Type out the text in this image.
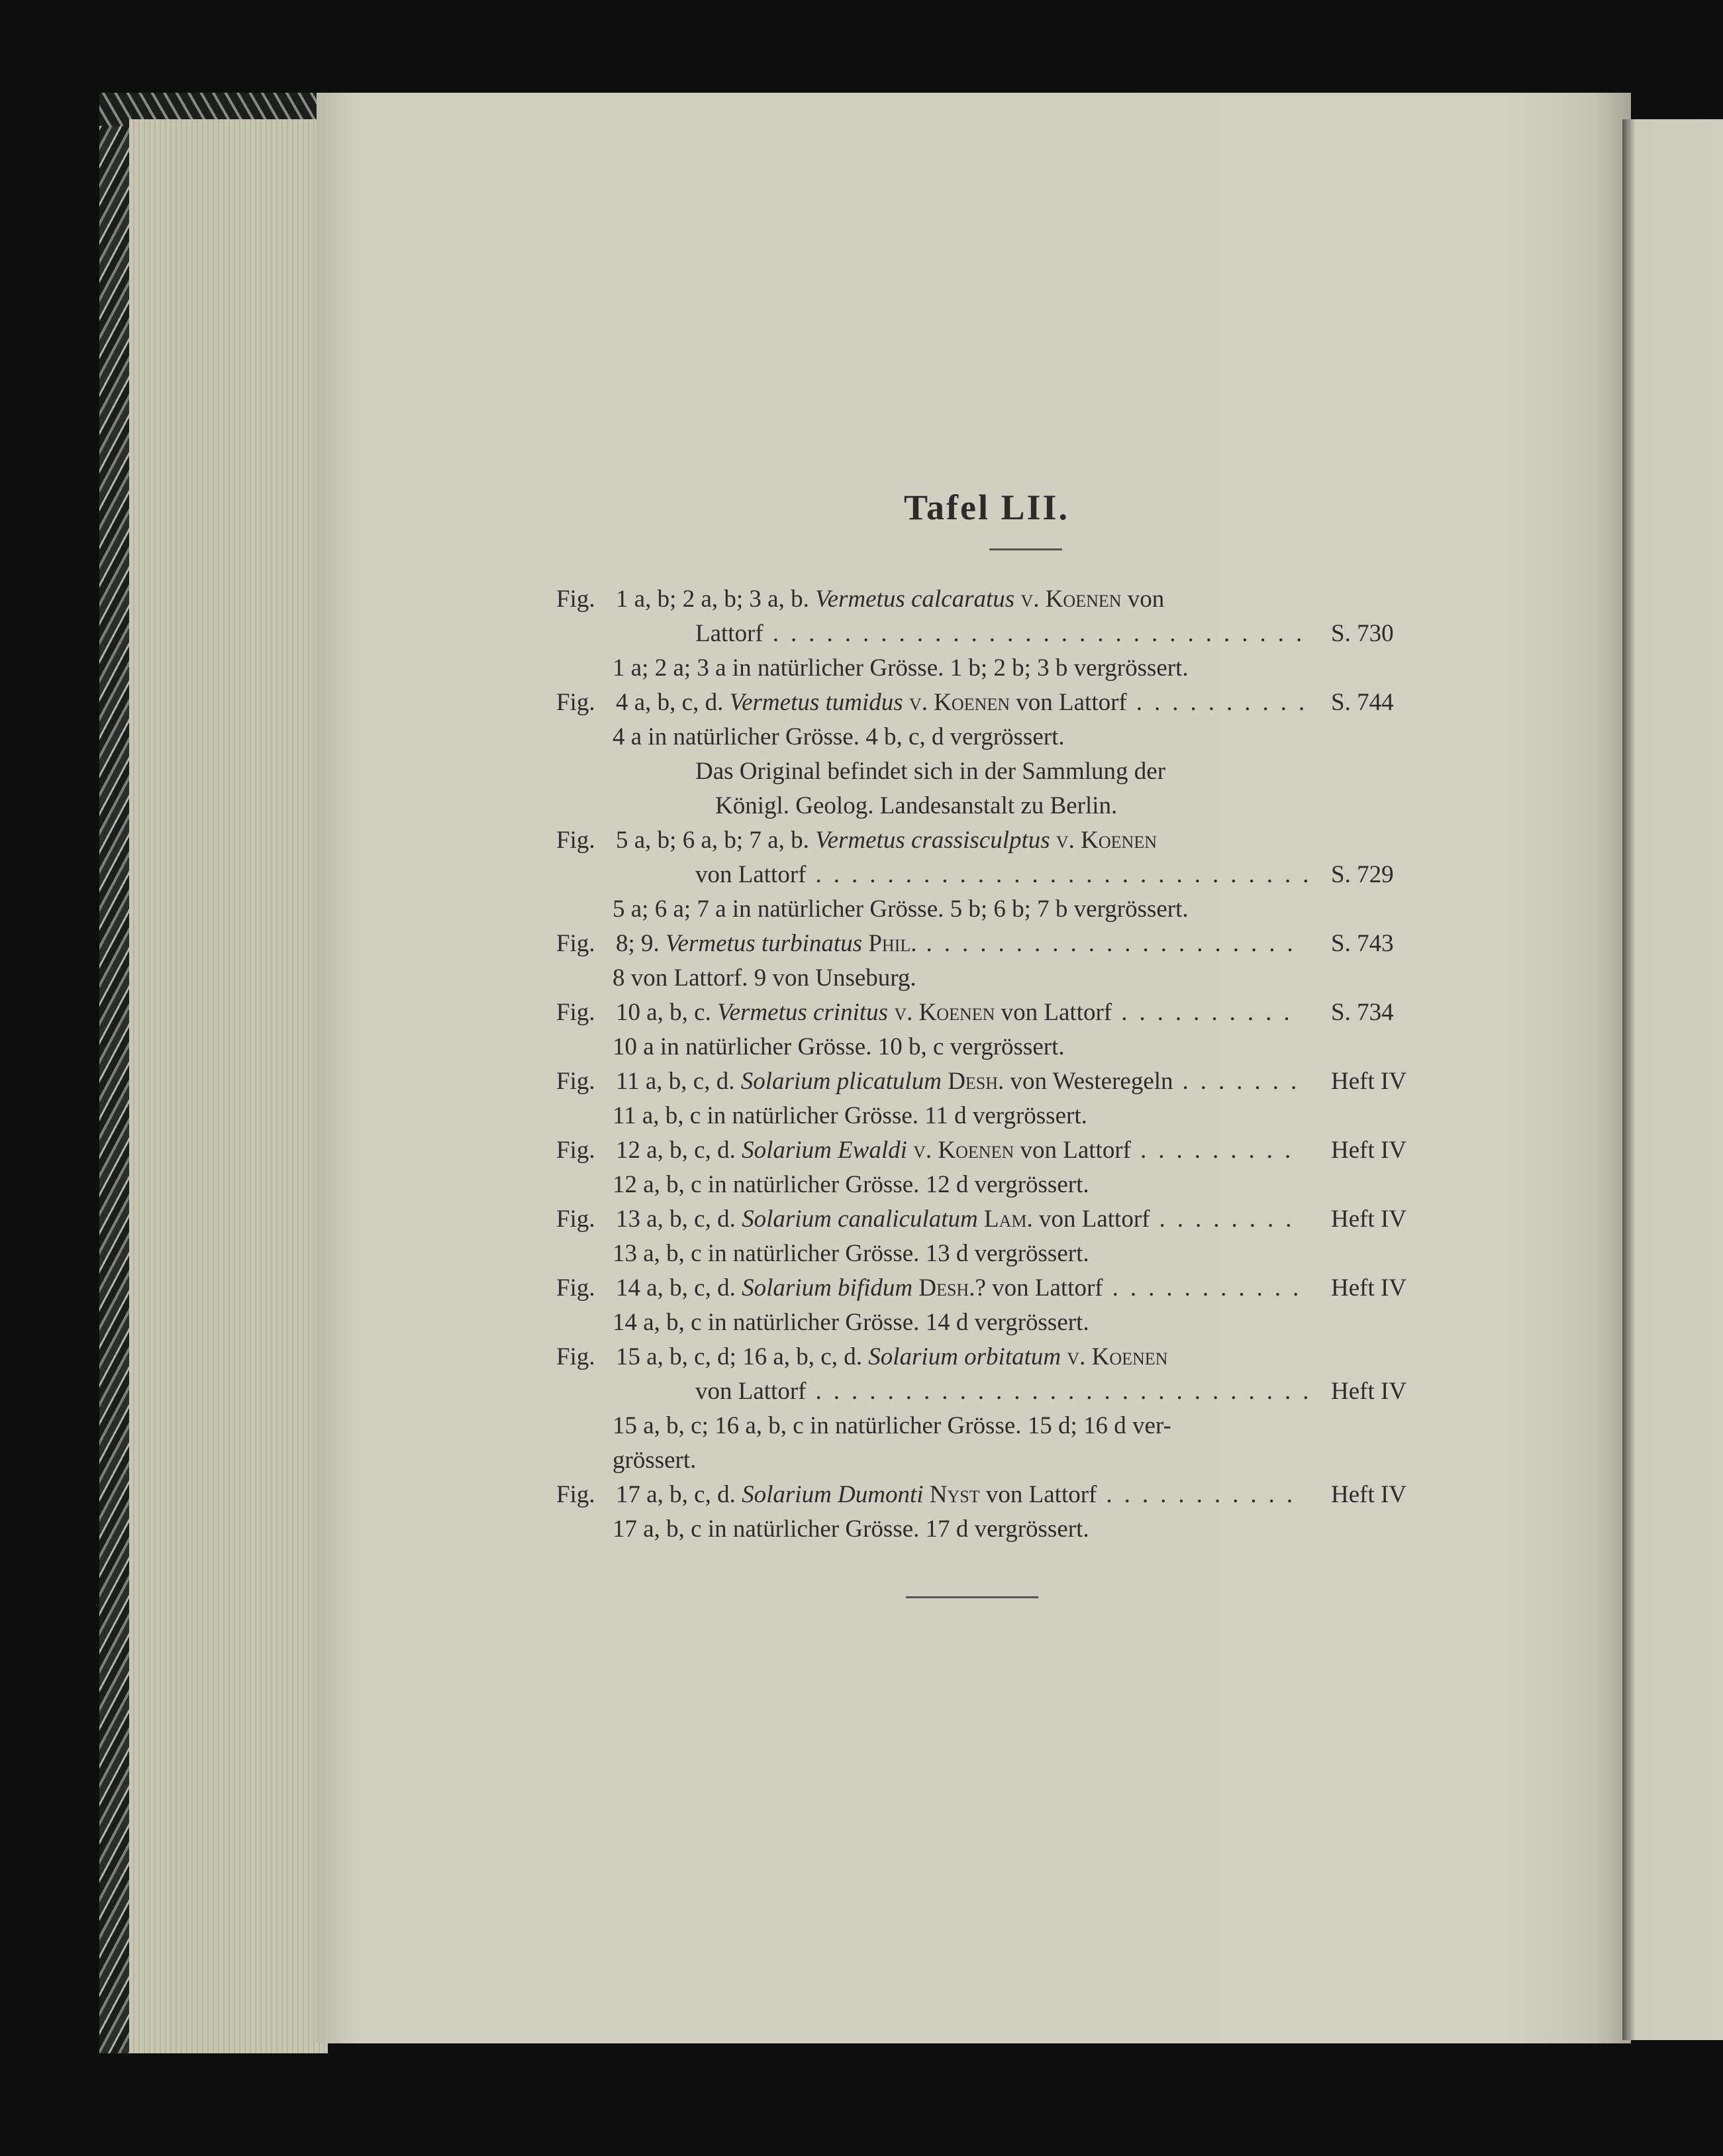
Tafel LII.
Fig. 1 a, b; 2 a, b; 3 a, b. Vermetus calcaratus v. Koenen von
Lattorf	S. 730
..............................
1 a; 2 a; 3 a in natürlicher Grösse. 1 b; 2 b; 3 b vergrössert.
Fig. 4 a, b, c, d. Vermetus tumidus v. Koenen von Lattorf	S. 744
..........
4 a in natürlicher Grösse. 4 b, c, d vergrössert.
Das Original befindet sich in der Sammlung der
Königl. Geolog. Landesanstalt zu Berlin.
Fig. 5 a, b; 6 a, b; 7 a, b. Vermetus crassisculptus v. Koenen
von Lattorf	S. 729
............................
5 a; 6 a; 7 a in natürlicher Grösse. 5 b; 6 b; 7 b vergrössert.
Fig. 8; 9. Vermetus turbinatus Phil.	S. 743
.....................
8 von Lattorf. 9 von Unseburg.
Fig. 10 a, b, c. Vermetus crinitus v. Koenen von Lattorf	S. 734
..........
10 a in natürlicher Grösse. 10 b, c vergrössert.
Fig. 11 a, b, c, d. Solarium plicatulum Desh. von Westeregeln	Heft IV
.......
11 a, b, c in natürlicher Grösse. 11 d vergrössert.
Fig. 12 a, b, c, d. Solarium Ewaldi v. Koenen von Lattorf	Heft IV
.........
12 a, b, c in natürlicher Grösse. 12 d vergrössert.
Fig. 13 a, b, c, d. Solarium canaliculatum Lam. von Lattorf	Heft IV
........
13 a, b, c in natürlicher Grösse. 13 d vergrössert.
Fig. 14 a, b, c, d. Solarium bifidum Desh.? von Lattorf	Heft IV
...........
14 a, b, c in natürlicher Grösse. 14 d vergrössert.
Fig. 15 a, b, c, d; 16 a, b, c, d. Solarium orbitatum v. Koenen
von Lattorf	Heft IV
............................
15 a, b, c; 16 a, b, c in natürlicher Grösse. 15 d; 16 d ver-
grössert.
Fig. 17 a, b, c, d. Solarium Dumonti Nyst von Lattorf	Heft IV
...........
17 a, b, c in natürlicher Grösse. 17 d vergrössert.
